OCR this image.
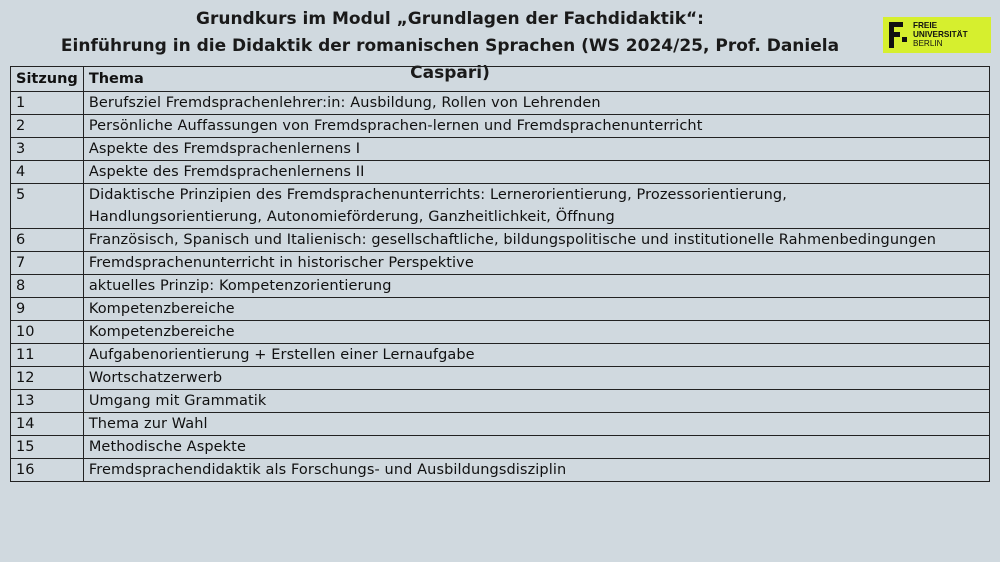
Grundkurs im Modul „Grundlagen der Fachdidaktik“:
Einführung in die Didaktik der romanischen Sprachen (WS 2024/25, Prof. Daniela Caspari)
FREIE
UNIVERSITÄT
BERLIN
Sitzung	Thema
1	Berufsziel Fremdsprachenlehrer:in: Ausbildung, Rollen von Lehrenden
2	Persönliche Auffassungen von Fremdsprachen-lernen und Fremdsprachenunterricht
3	Aspekte des Fremdsprachenlernens I
4	Aspekte des Fremdsprachenlernens II
5	Didaktische Prinzipien des Fremdsprachenunterrichts: Lernerorientierung, Prozessorientierung,
Handlungsorientierung, Autonomieförderung, Ganzheitlichkeit, Öffnung

6	Französisch, Spanisch und Italienisch: gesellschaftliche, bildungspolitische und institutionelle Rahmenbedingungen
7	Fremdsprachenunterricht in historischer Perspektive
8	aktuelles Prinzip: Kompetenzorientierung
9	Kompetenzbereiche
10	Kompetenzbereiche
11	Aufgabenorientierung + Erstellen einer Lernaufgabe
12	Wortschatzerwerb
13	Umgang mit Grammatik
14	Thema zur Wahl
15	Methodische Aspekte
16	Fremdsprachendidaktik als Forschungs- und Ausbildungsdisziplin
